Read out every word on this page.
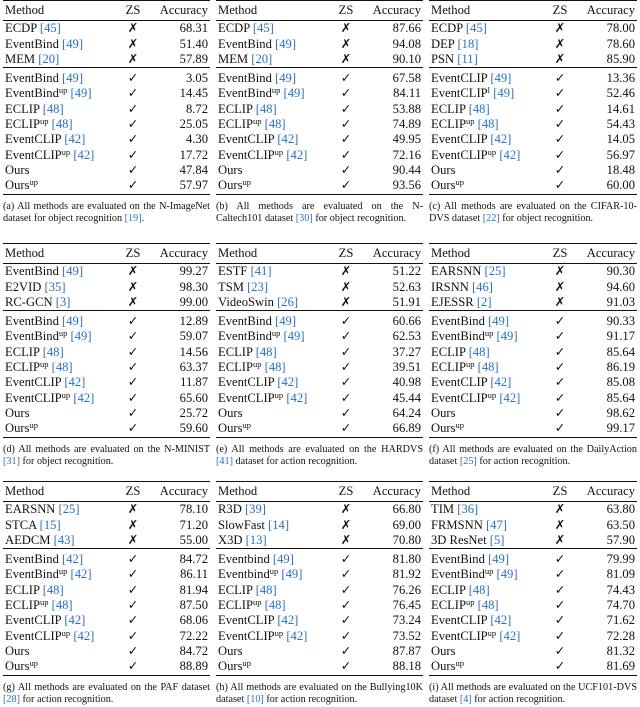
Method	ZS	Accuracy
ECDP [45]	✗	68.31
EventBind [49]	✗	51.40
MEM [20]	✗	57.89
EventBind [49]	✓	3.05
EventBind$^{up}$ [49]	✓	14.45
ECLIP [48]	✓	8.72
$ECLIP^{up}$ [48]	✓	25.05
EventCLIP [42]	✓	4.30
EventCLIP$^{up}$ [42]	✓	17.72
Ours	✓	47.84
Ours$^{up}$	✓	57.97
(a) All methods are evaluated on the N-ImageNet dataset for object recognition [19].
Method	ZS	Accuracy
ECDP [45]	✗	87.66
EventBind [49]	✗	94.08
MEM [20]	✗	90.10
EventBind [49]	✓	67.58
EventBind$^{up}$ [49]	✓	84.11
ECLIP [48]	✓	53.88
$ECLIP^{up}$ [48]	✓	74.89
EventCLIP [42]	✓	49.95
EventCLIP$^{up}$ [42]	✓	72.16
Ours	✓	90.44
Ours$^{up}$	✓	93.56
(b) All methods are evaluated on the N-Caltech101 dataset [30] for object recognition.
Method	ZS	Accuracy
ECDP [45]	✗	78.00
DEP [18]	✗	78.60
PSN [11]	✗	85.90
EventCLIP [49]	✓	13.36
EventCLIP$^l$ [49]	✓	52.46
ECLIP [48]	✓	14.61
$ECLIP^{up}$ [48]	✓	54.43
EventCLIP [42]	✓	14.05
EventCLIP$^{up}$ [42]	✓	56.97
Ours	✓	18.48
Ours$^{up}$	✓	60.00
(c) All methods are evaluated on the CIFAR-10-DVS dataset [22] for object recognition.
Method	ZS	Accuracy
EventBind [49]	✗	99.27
E2VID [35]	✗	98.30
RC-GCN [3]	✗	99.00
EventBind [49]	✓	12.89
EventBind$^{up}$ [49]	✓	59.07
ECLIP [48]	✓	14.56
$ECLIP^{up}$ [48]	✓	63.37
EventCLIP [42]	✓	11.87
EventCLIP$^{up}$ [42]	✓	65.60
Ours	✓	25.72
Ours$^{up}$	✓	59.60
(d) All methods are evaluated on the N-MINIST [31] for object recognition.
Method	ZS	Accuracy
ESTF [41]	✗	51.22
TSM [23]	✗	52.63
VideoSwin [26]	✗	51.91
EventBind [49]	✓	60.66
EventBind$^{up}$ [49]	✓	62.53
ECLIP [48]	✓	37.27
$ECLIP^{up}$ [48]	✓	39.51
EventCLIP [42]	✓	40.98
EventCLIP$^{up}$ [42]	✓	45.44
Ours	✓	64.24
Ours$^{up}$	✓	66.89
(e) All methods are evaluated on the HARDVS [41] dataset for action recognition.
Method	ZS	Accuracy
EARSNN [25]	✗	90.30
IRSNN [46]	✗	94.60
EJESSR [2]	✗	91.03
EventBind [49]	✓	90.33
EventBind$^{up}$ [49]	✓	91.17
ECLIP [48]	✓	85.64
$ECLIP^{up}$ [48]	✓	86.19
EventCLIP [42]	✓	85.08
EventCLIP$^{up}$ [42]	✓	85.64
Ours	✓	98.62
Ours$^{up}$	✓	99.17
(f) All methods are evaluated on the DailyAction dataset [25] for action recognition.
Method	ZS	Accuracy
EARSNN [25]	✗	78.10
STCA [15]	✗	71.20
AEDCM [43]	✗	55.00
EventBind [42]	✓	84.72
EventBind$^{up}$ [42]	✓	86.11
ECLIP [48]	✓	81.94
$ECLIP^{up}$ [48]	✓	87.50
EventCLIP [42]	✓	68.06
EventCLIP$^{up}$ [42]	✓	72.22
Ours	✓	84.72
Ours$^{up}$	✓	88.89
(g) All methods are evaluated on the PAF dataset [28] for action recognition.
Method	ZS	Accuracy
R3D [39]	✗	66.80
SlowFast [14]	✗	69.00
X3D [13]	✗	70.80
Eventbind [49]	✓	81.80
Eventbind$^{up}$ [49]	✓	81.92
ECLIP [48]	✓	76.26
$ECLIP^{up}$ [48]	✓	76.45
EventCLIP [42]	✓	73.24
EventCLIP$^{up}$ [42]	✓	73.52
Ours	✓	87.87
Ours$^{up}$	✓	88.18
(h) All methods are evaluated on the Bullying10K dataset [10] for action recognition.
Method	ZS	Accuracy
TIM [36]	✗	63.80
FRMSNN [47]	✗	63.50
3D ResNet [5]	✗	57.90
EventBind [49]	✓	79.99
EventBind$^{up}$ [49]	✓	81.09
ECLIP [48]	✓	74.43
$ECLIP^{up}$ [48]	✓	74.70
EventCLIP [42]	✓	71.62
EventCLIP$^{up}$ [42]	✓	72.28
Ours	✓	81.32
Ours$^{up}$	✓	81.69
(i) All methods are evaluated on the UCF101-DVS dataset [4] for action recognition.
